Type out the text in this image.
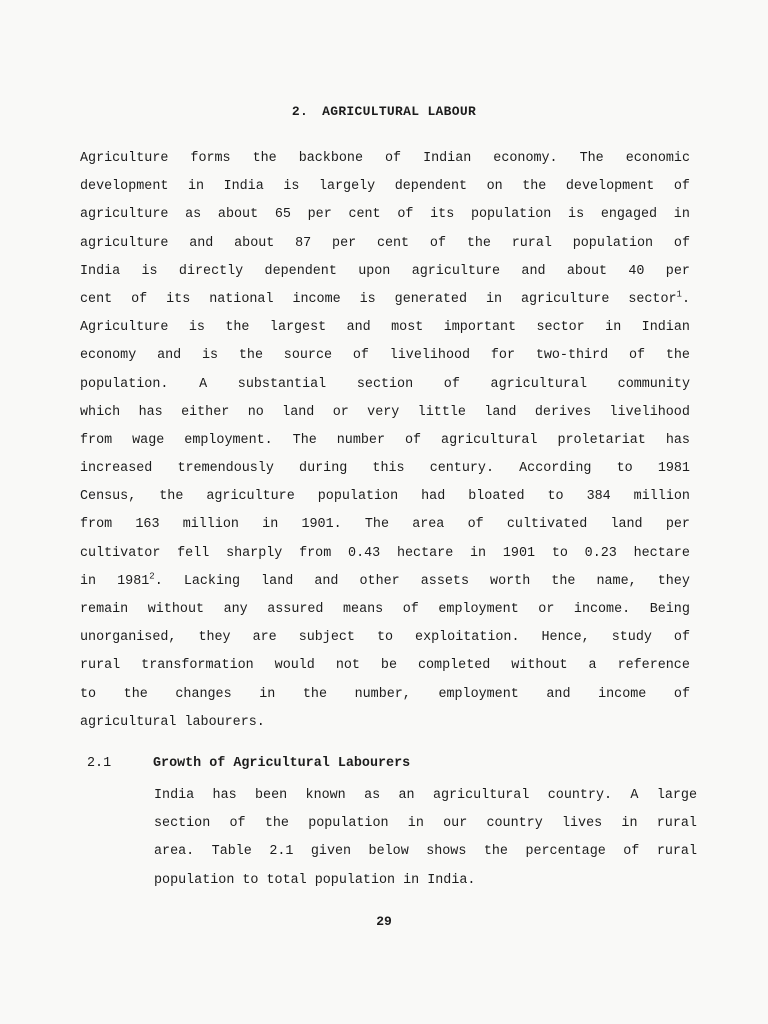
2. AGRICULTURAL LABOUR
Agriculture forms the backbone of Indian economy. The economic
development in India is largely dependent on the development of
agriculture as about 65 per cent of its population is engaged in
agriculture and about 87 per cent of the rural population of
India is directly dependent upon agriculture and about 40 per
cent of its national income is generated in agriculture sector$^1$.
Agriculture is the largest and most important sector in Indian
economy and is the source of livelihood for two-third of the
population. A substantial section of agricultural community
which has either no land or very little land derives livelihood
from wage employment. The number of agricultural proletariat has
increased tremendously during this century. According to 1981
Census, the agriculture population had bloated to 384 million
from 163 million in 1901. The area of cultivated land per
cultivator fell sharply from 0.43 hectare in 1901 to 0.23 hectare
in 1981$^2$. Lacking land and other assets worth the name, they
remain without any assured means of employment or income. Being
unorganised, they are subject to exploitation. Hence, study of
rural transformation would not be completed without a reference
to the changes in the number, employment and income of
agricultural labourers.
2.1	Growth of Agricultural Labourers
India has been known as an agricultural country. A large
section of the population in our country lives in rural
area. Table 2.1 given below shows the percentage of rural
population to total population in India.
29
